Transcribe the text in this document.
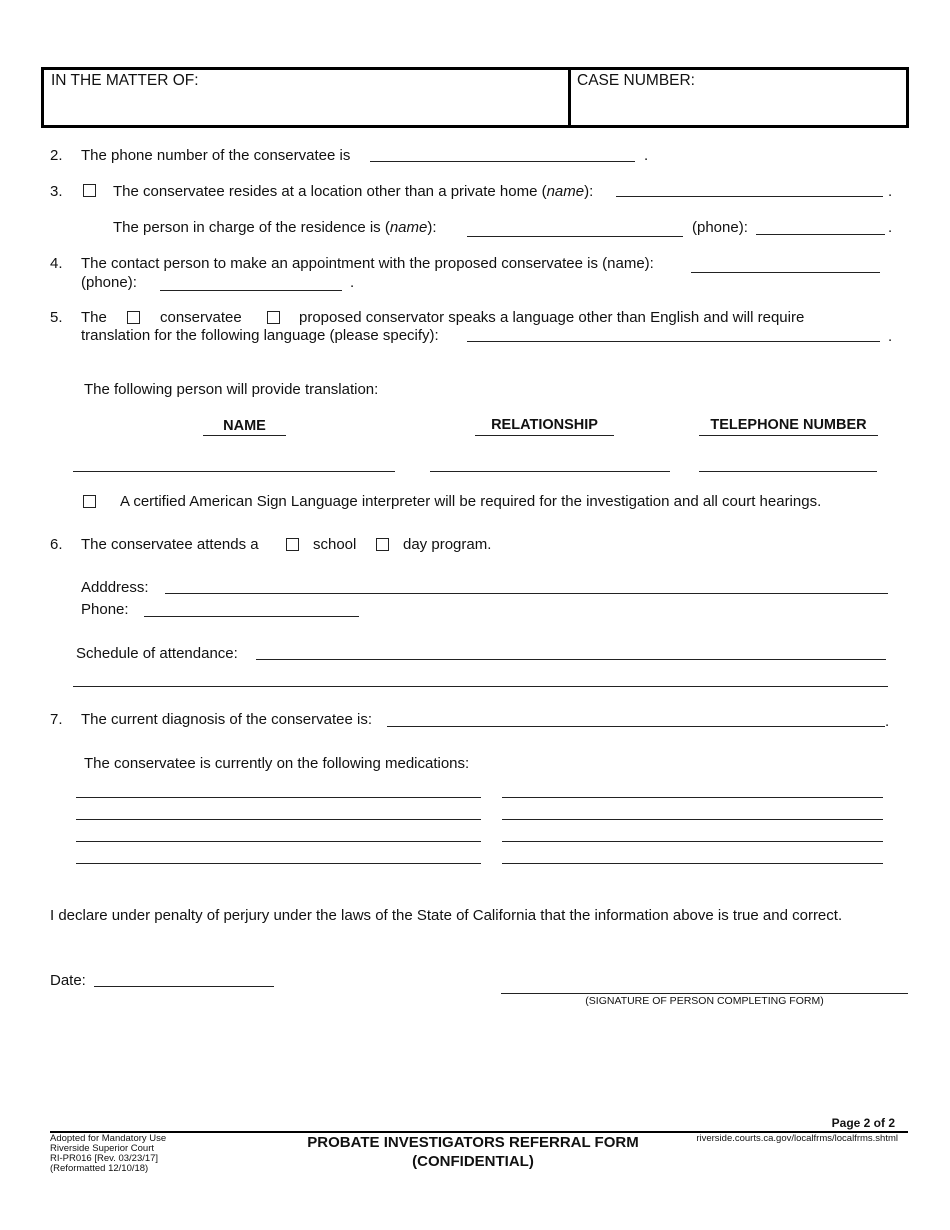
IN THE MATTER OF:	CASE NUMBER:
2. The phone number of the conservatee is	.
3.	The conservatee resides at a location other than a private home (name):	.
The person in charge of the residence is (name):	(phone):	.
4. The contact person to make an appointment with the proposed conservatee is (name):
(phone):	.
5. The	conservatee	proposed conservator speaks a language other than English and will require
translation for the following language (please specify):	.
The following person will provide translation:
NAME	RELATIONSHIP	TELEPHONE NUMBER
A certified American Sign Language interpreter will be required for the investigation and all court hearings.
6. The conservatee attends a	school	day program.
Adddress:
Phone:
Schedule of attendance:
7. The current diagnosis of the conservatee is:	.
The conservatee is currently on the following medications:
I declare under penalty of perjury under the laws of the State of California that the information above is true and correct.
Date:
(SIGNATURE OF PERSON COMPLETING FORM)
Page 2 of 2
Adopted for Mandatory Use
Riverside Superior Court
RI-PR016 [Rev. 03/23/17]
(Reformatted 12/10/18)
PROBATE INVESTIGATORS REFERRAL FORM
(CONFIDENTIAL)
riverside.courts.ca.gov/localfrms/localfrms.shtml
